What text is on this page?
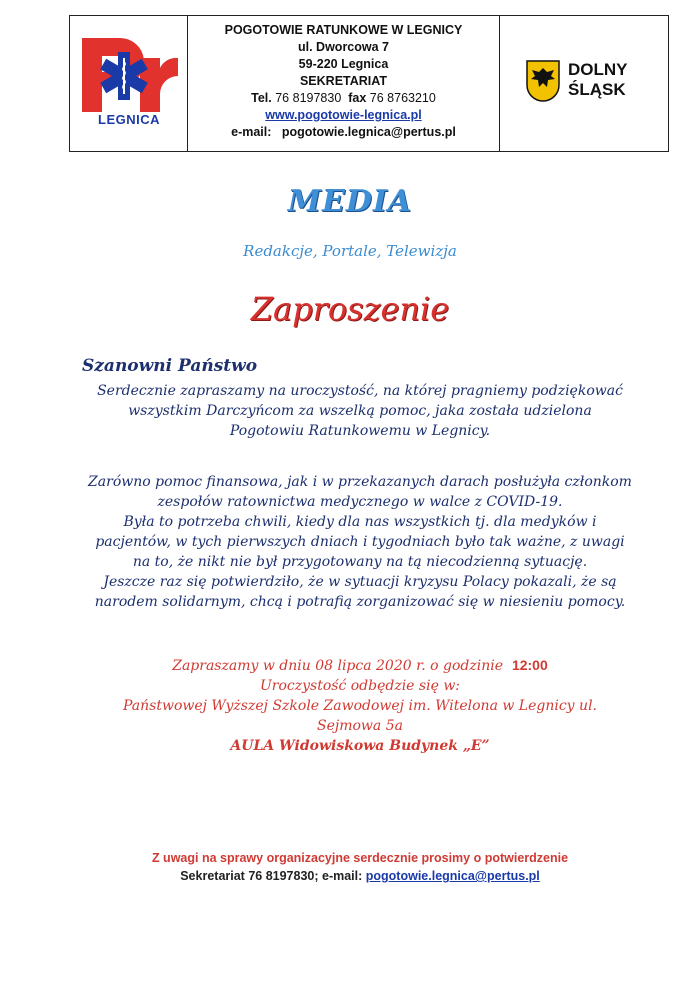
LEGNICA
POGOTOWIE RATUNKOWE W LEGNICY
ul. Dworcowa 7
59-220 Legnica
SEKRETARIAT
Tel. 76 8197830 fax 76 8763210
www.pogotowie-legnica.pl
e-mail: pogotowie.legnica@pertus.pl
DOLNY
ŚLĄSK
MEDIA
Redakcje, Portale, Telewizja
Zaproszenie
Szanowni Państwo
Serdecznie zapraszamy na uroczystość, na której pragniemy podziękować
wszystkim Darczyńcom za wszelką pomoc, jaka została udzielona
Pogotowiu Ratunkowemu w Legnicy.
Zarówno pomoc finansowa, jak i w przekazanych darach posłużyła członkom
zespołów ratownictwa medycznego w walce z COVID-19.
Była to potrzeba chwili, kiedy dla nas wszystkich tj. dla medyków i
pacjentów, w tych pierwszych dniach i tygodniach było tak ważne, z uwagi
na to, że nikt nie był przygotowany na tą niecodzienną sytuację.
Jeszcze raz się potwierdziło, że w sytuacji kryzysu Polacy pokazali, że są
narodem solidarnym, chcą i potrafią zorganizować się w niesieniu pomocy.
Zapraszamy w dniu 08 lipca 2020 r. o godzinie 12:00
Uroczystość odbędzie się w:
Państwowej Wyższej Szkole Zawodowej im. Witelona w Legnicy ul.
Sejmowa 5a
AULA Widowiskowa Budynek „E”
Z uwagi na sprawy organizacyjne serdecznie prosimy o potwierdzenie
Sekretariat 76 8197830; e-mail: pogotowie.legnica@pertus.pl
